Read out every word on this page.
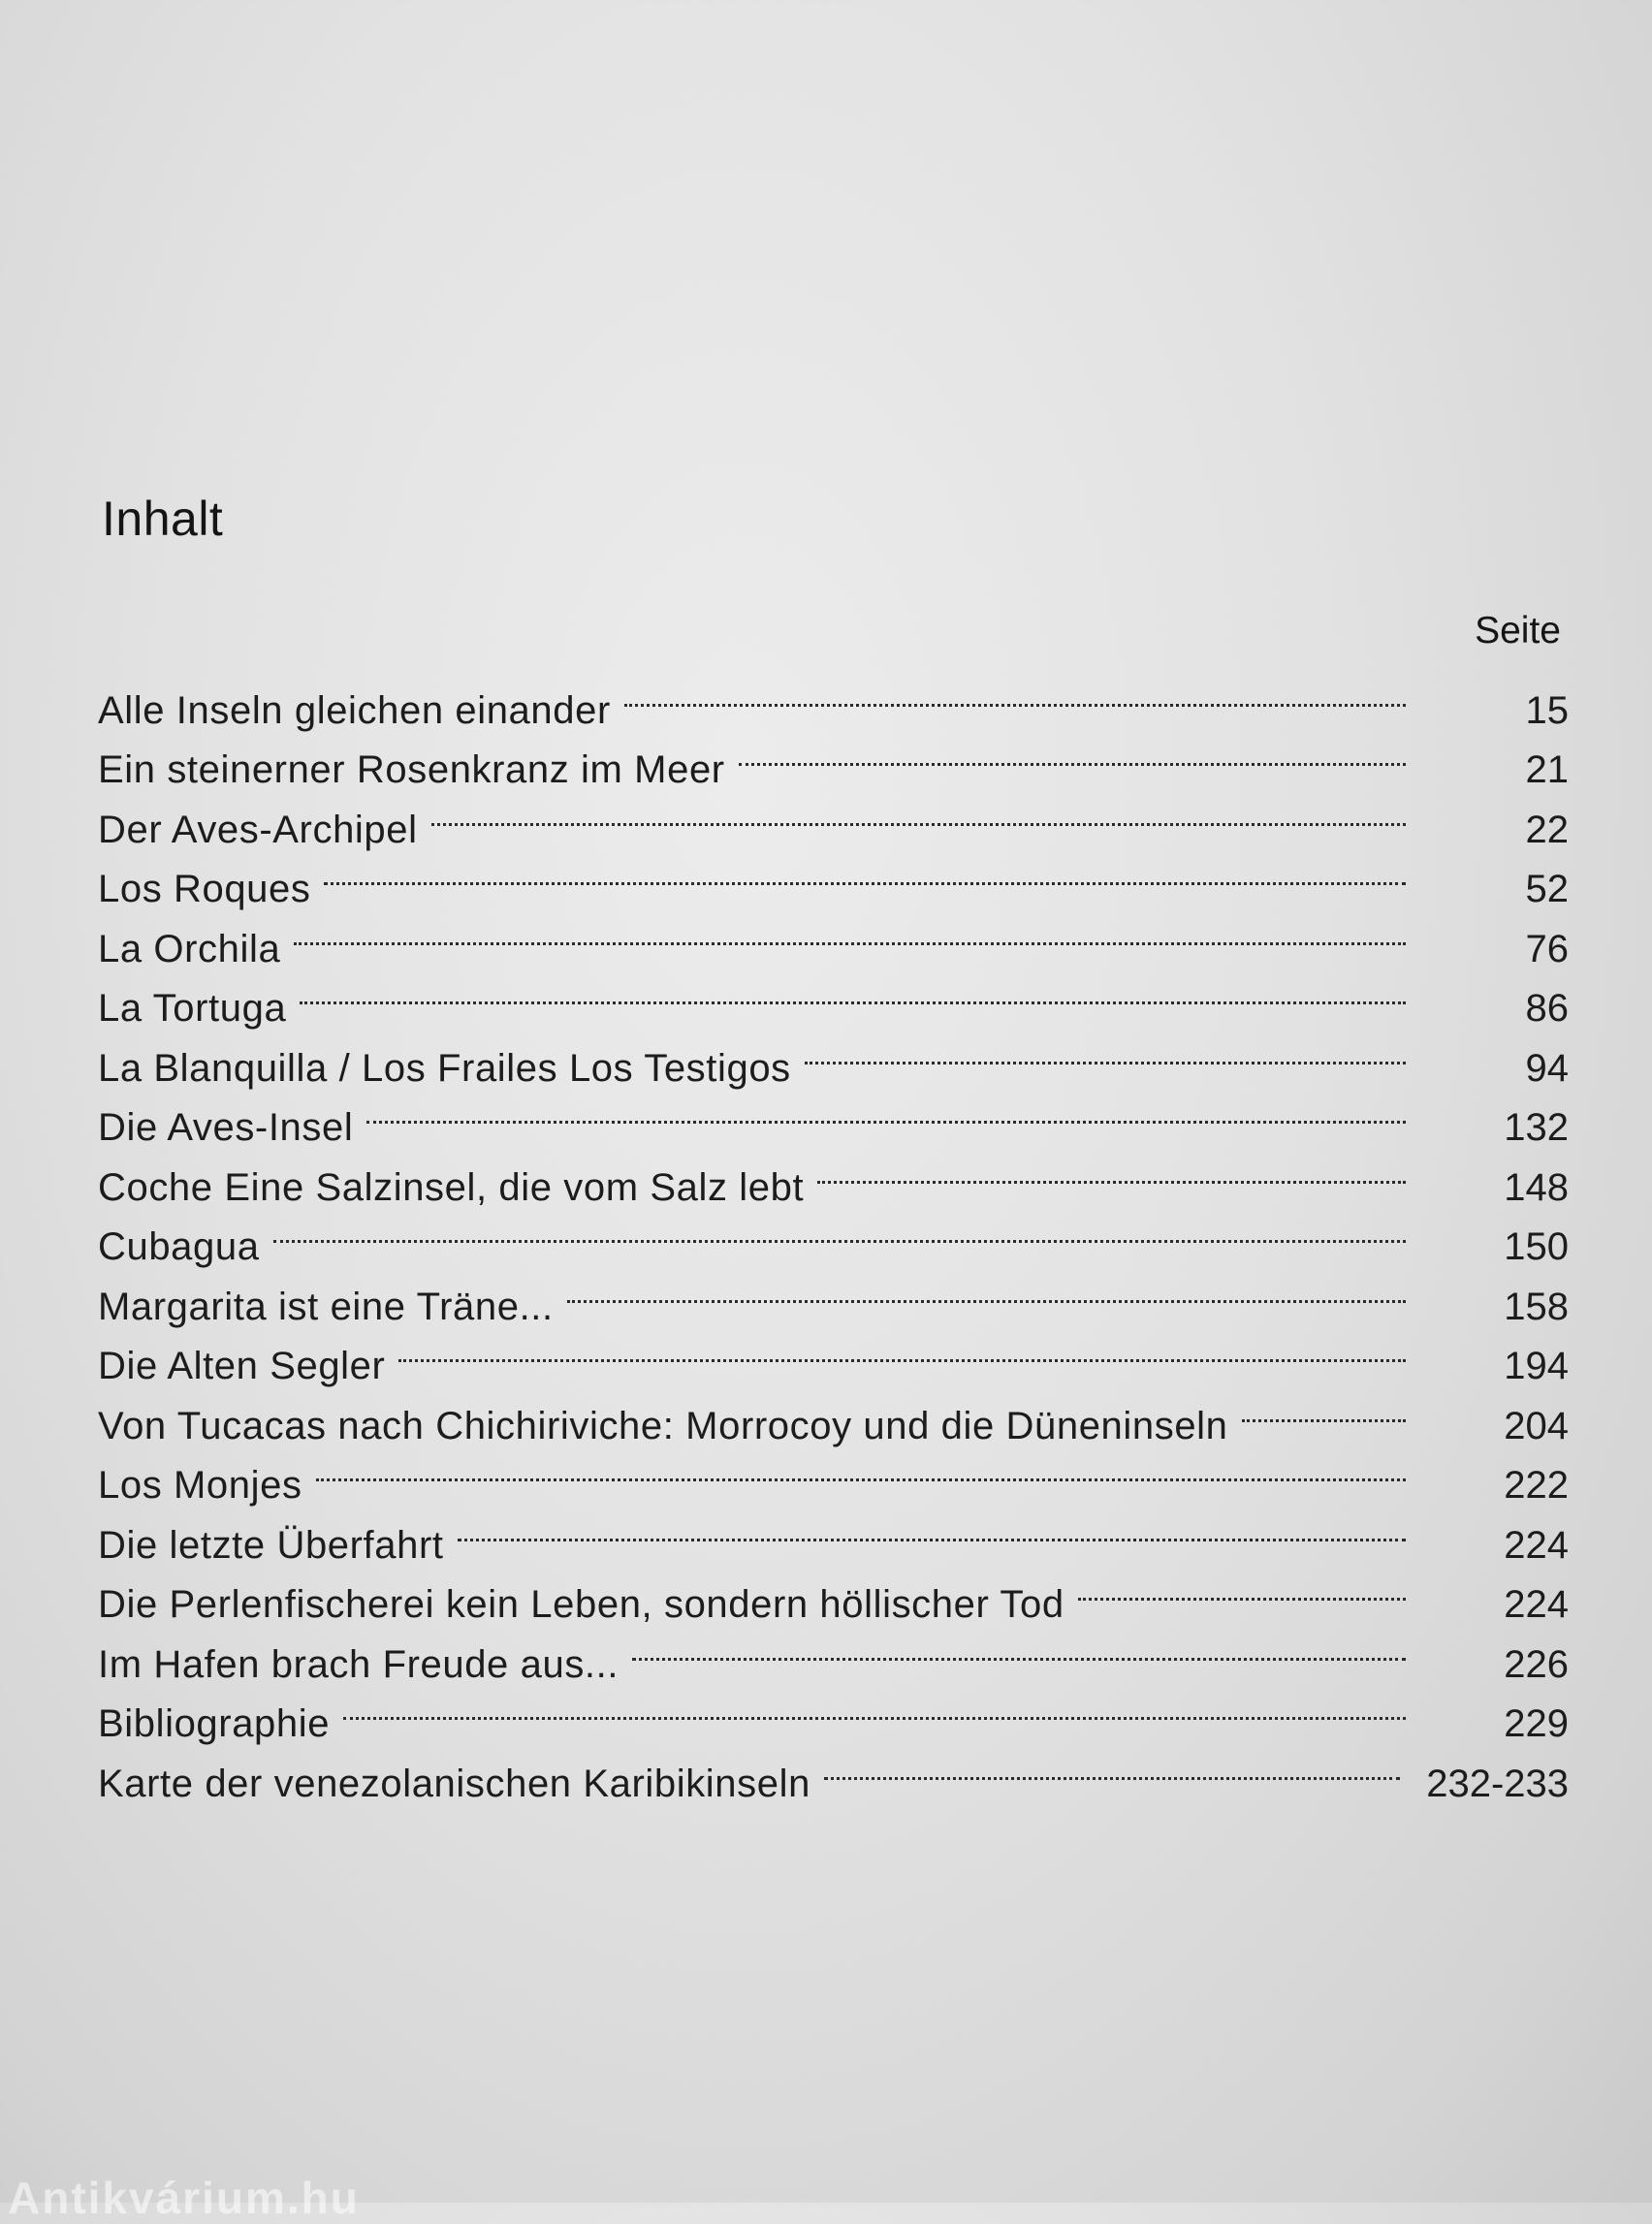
Inhalt
Seite
Alle Inseln gleichen einander	15
Ein steinerner Rosenkranz im Meer	21
Der Aves-Archipel	22
Los Roques	52
La Orchila	76
La Tortuga	86
La Blanquilla / Los Frailes Los Testigos	94
Die Aves-Insel	132
Coche Eine Salzinsel, die vom Salz lebt	148
Cubagua	150
Margarita ist eine Träne...	158
Die Alten Segler	194
Von Tucacas nach Chichiriviche: Morrocoy und die Düneninseln	204
Los Monjes	222
Die letzte Überfahrt	224
Die Perlenfischerei kein Leben, sondern höllischer Tod	224
Im Hafen brach Freude aus...	226
Bibliographie	229
Karte der venezolanischen Karibikinseln	232-233
Antikvárium.hu
